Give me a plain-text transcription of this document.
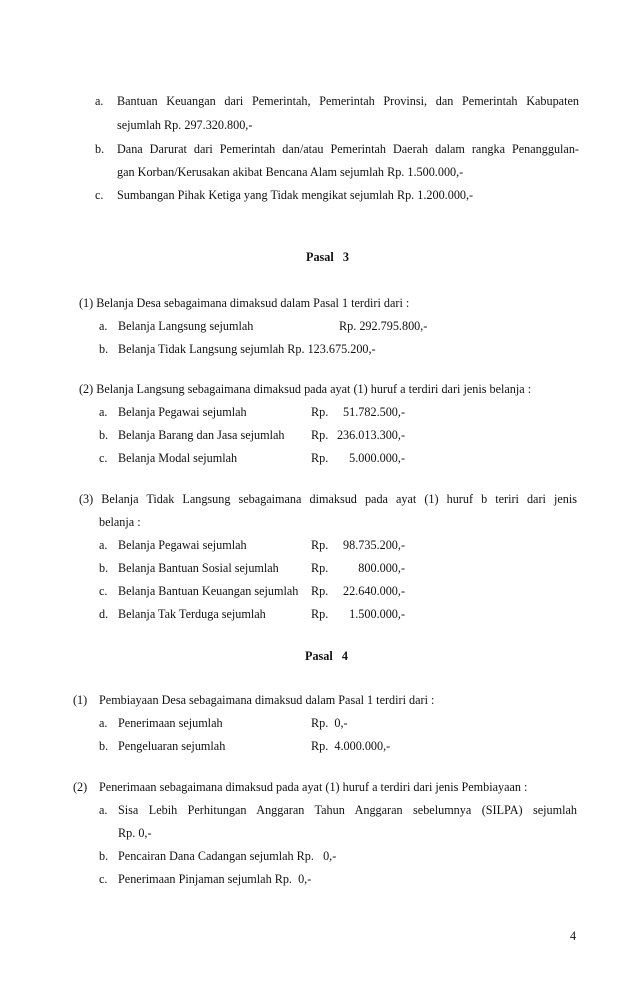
a. Bantuan Keuangan dari Pemerintah, Pemerintah Provinsi, dan Pemerintah Kabupaten
sejumlah Rp. 297.320.800,-
b. Dana Darurat dari Pemerintah dan/atau Pemerintah Daerah dalam rangka Penanggulan-
gan Korban/Kerusakan akibat Bencana Alam sejumlah Rp. 1.500.000,-
c. Sumbangan Pihak Ketiga yang Tidak mengikat sejumlah Rp. 1.200.000,-
Pasal   3
(1) Belanja Desa sebagaimana dimaksud dalam Pasal 1 terdiri dari :
a. Belanja Langsung sejumlah	Rp. 292.795.800,-
b. Belanja Tidak Langsung sejumlah Rp. 123.675.200,-
(2) Belanja Langsung sebagaimana dimaksud pada ayat (1) huruf a terdiri dari jenis belanja :
a. Belanja Pegawai sejumlah	Rp.	51.782.500,-
b. Belanja Barang dan Jasa sejumlah Rp. 236.013.300,-
c. Belanja Modal sejumlah	Rp.	5.000.000,-
(3) Belanja Tidak Langsung sebagaimana dimaksud pada ayat (1) huruf b teriri dari jenis
belanja :
a. Belanja Pegawai sejumlah	Rp.	98.735.200,-
b. Belanja Bantuan Sosial sejumlah	Rp.	800.000,-
c. Belanja Bantuan Keuangan sejumlah Rp.	22.640.000,-
d. Belanja Tak Terduga sejumlah	Rp.	1.500.000,-
Pasal   4
(1) Pembiayaan Desa sebagaimana dimaksud dalam Pasal 1 terdiri dari :
a. Penerimaan sejumlah	Rp.  0,-
b. Pengeluaran sejumlah	Rp.  4.000.000,-
(2) Penerimaan sebagaimana dimaksud pada ayat (1) huruf a terdiri dari jenis Pembiayaan :
a. Sisa Lebih Perhitungan Anggaran Tahun Anggaran sebelumnya (SILPA) sejumlah
Rp. 0,-
b. Pencairan Dana Cadangan sejumlah Rp.   0,-
c. Penerimaan Pinjaman sejumlah Rp.  0,-
4
